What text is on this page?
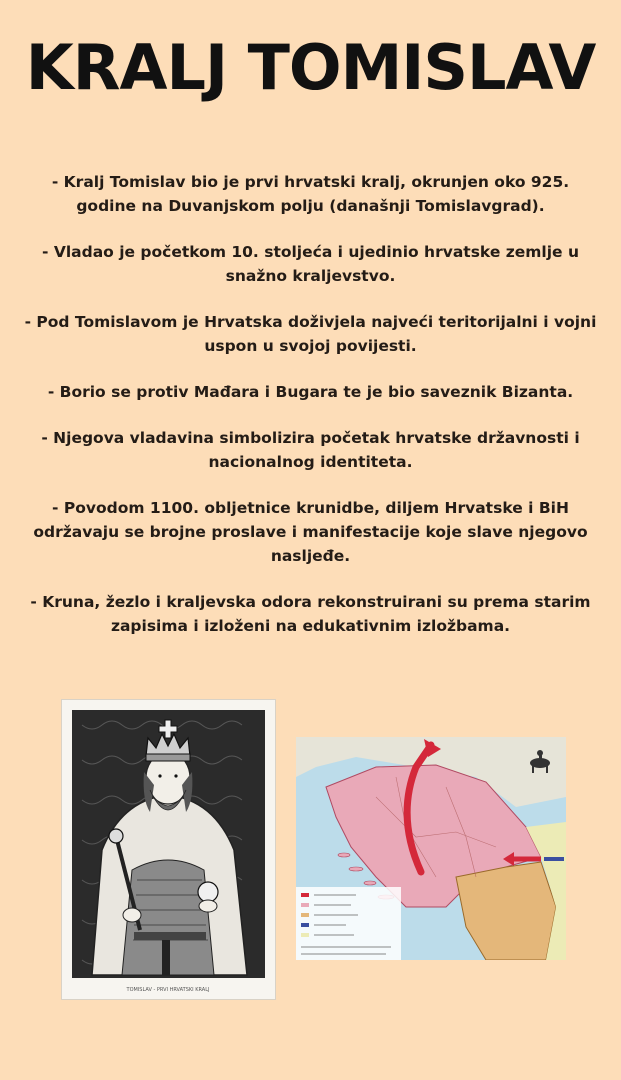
KRALJ TOMISLAV

- Kralj Tomislav bio je prvi hrvatski kralj, okrunjen oko 925. godine na Duvanjskom polju (današnji Tomislavgrad).

- Vladao je početkom 10. stoljeća i ujedinio hrvatske zemlje u snažno kraljevstvo.

- Pod Tomislavom je Hrvatska doživjela najveći teritorijalni i vojni uspon u svojoj povijesti.

- Borio se protiv Mađara i Bugara te je bio saveznik Bizanta.

- Njegova vladavina simbolizira početak hrvatske državnosti i nacionalnog identiteta.

- Povodom 1100. obljetnice krunidbe, diljem Hrvatske i BiH održavaju se brojne proslave i manifestacije koje slave njegovo nasljeđe.

- Kruna, žezlo i kraljevska odora rekonstruirani su prema starim zapisima i izloženi na edukativnim izložbama.

TOMISLAV - PRVI HRVATSKI KRALJ
